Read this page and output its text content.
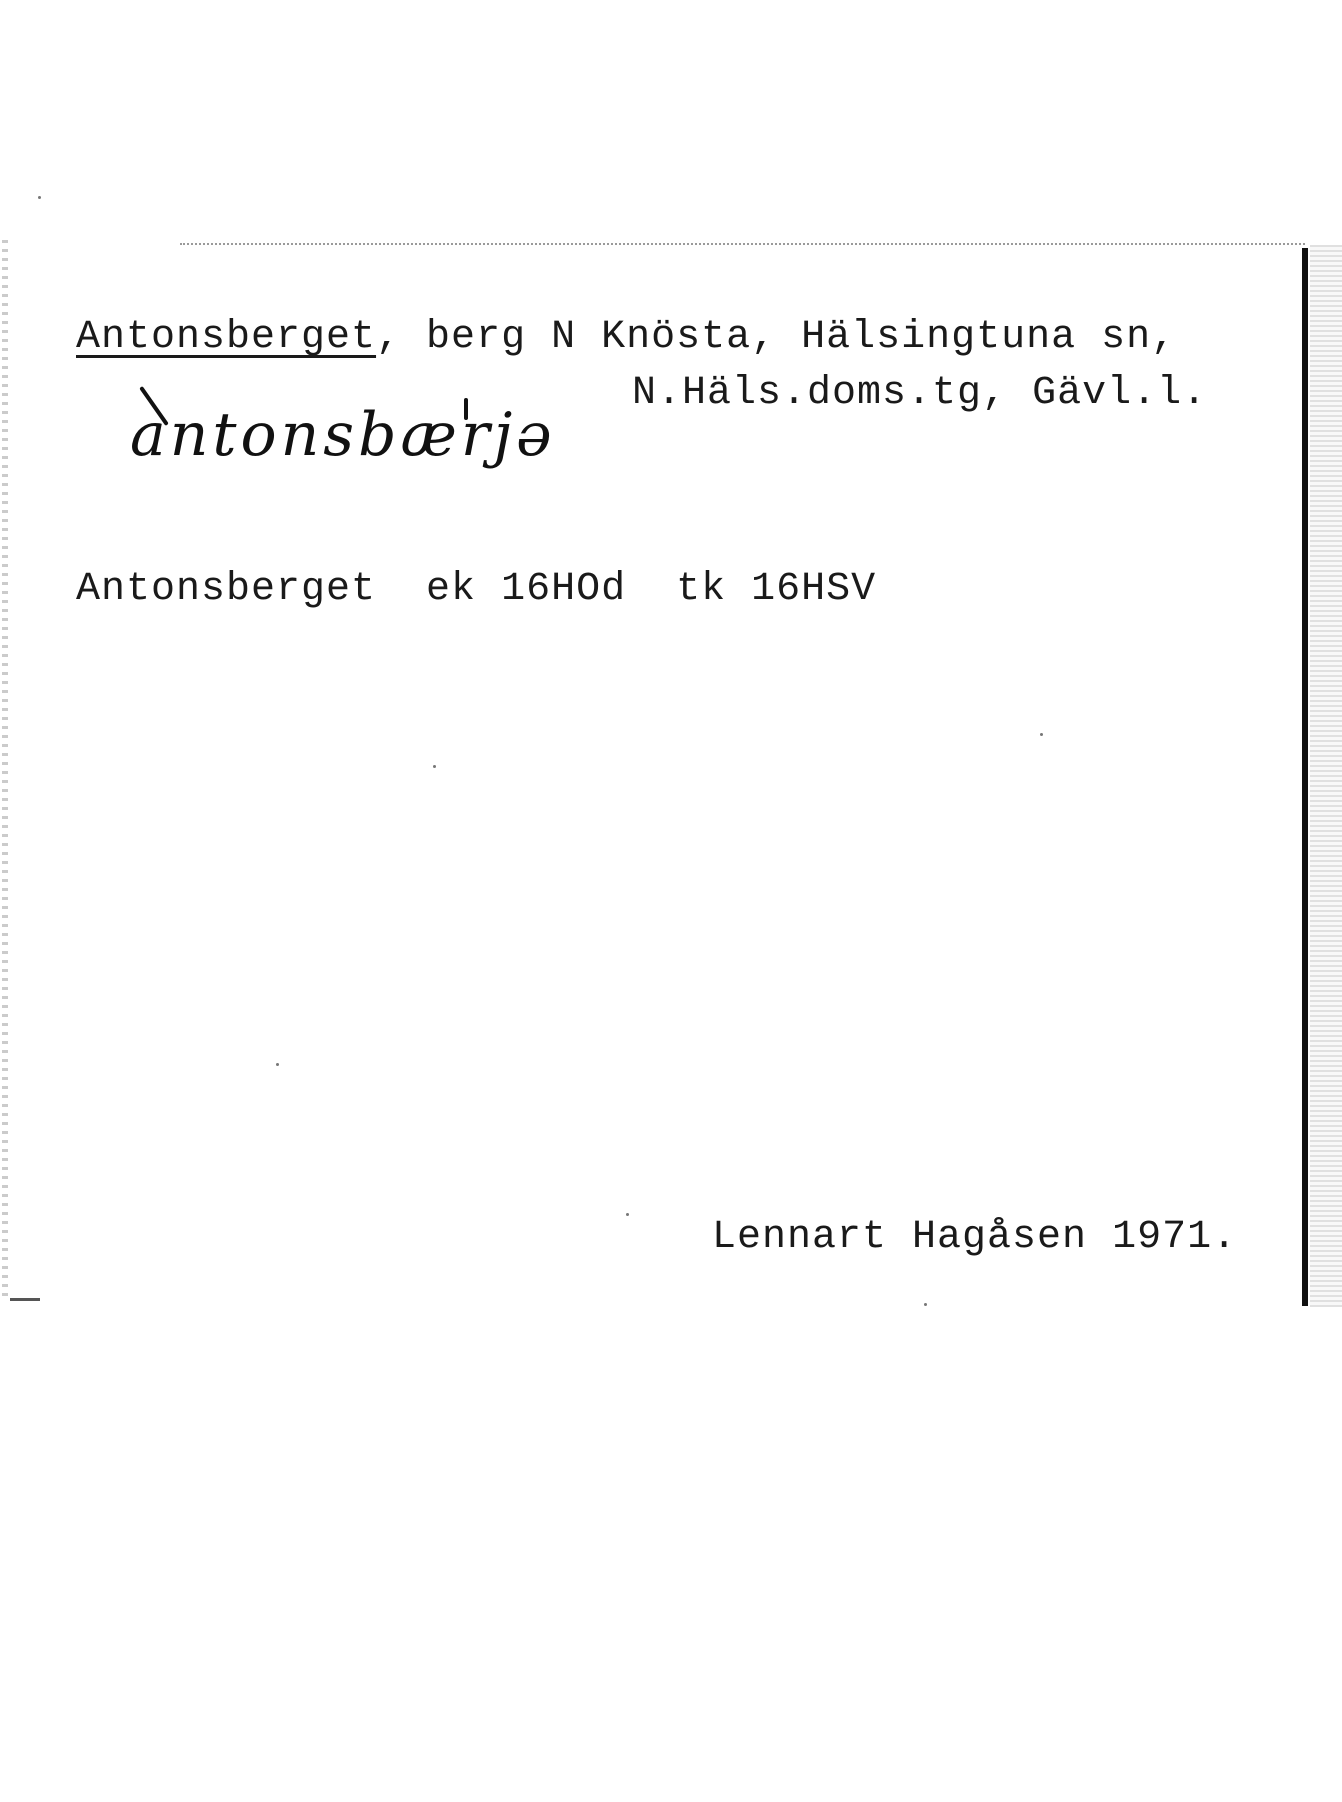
Antonsberget, berg N Knösta, Hälsingtuna sn,
N.Häls.doms.tg, Gävl.l.
antonsbærjə
Antonsberget  ek 16HOd  tk 16HSV
Lennart Hagåsen 1971.
